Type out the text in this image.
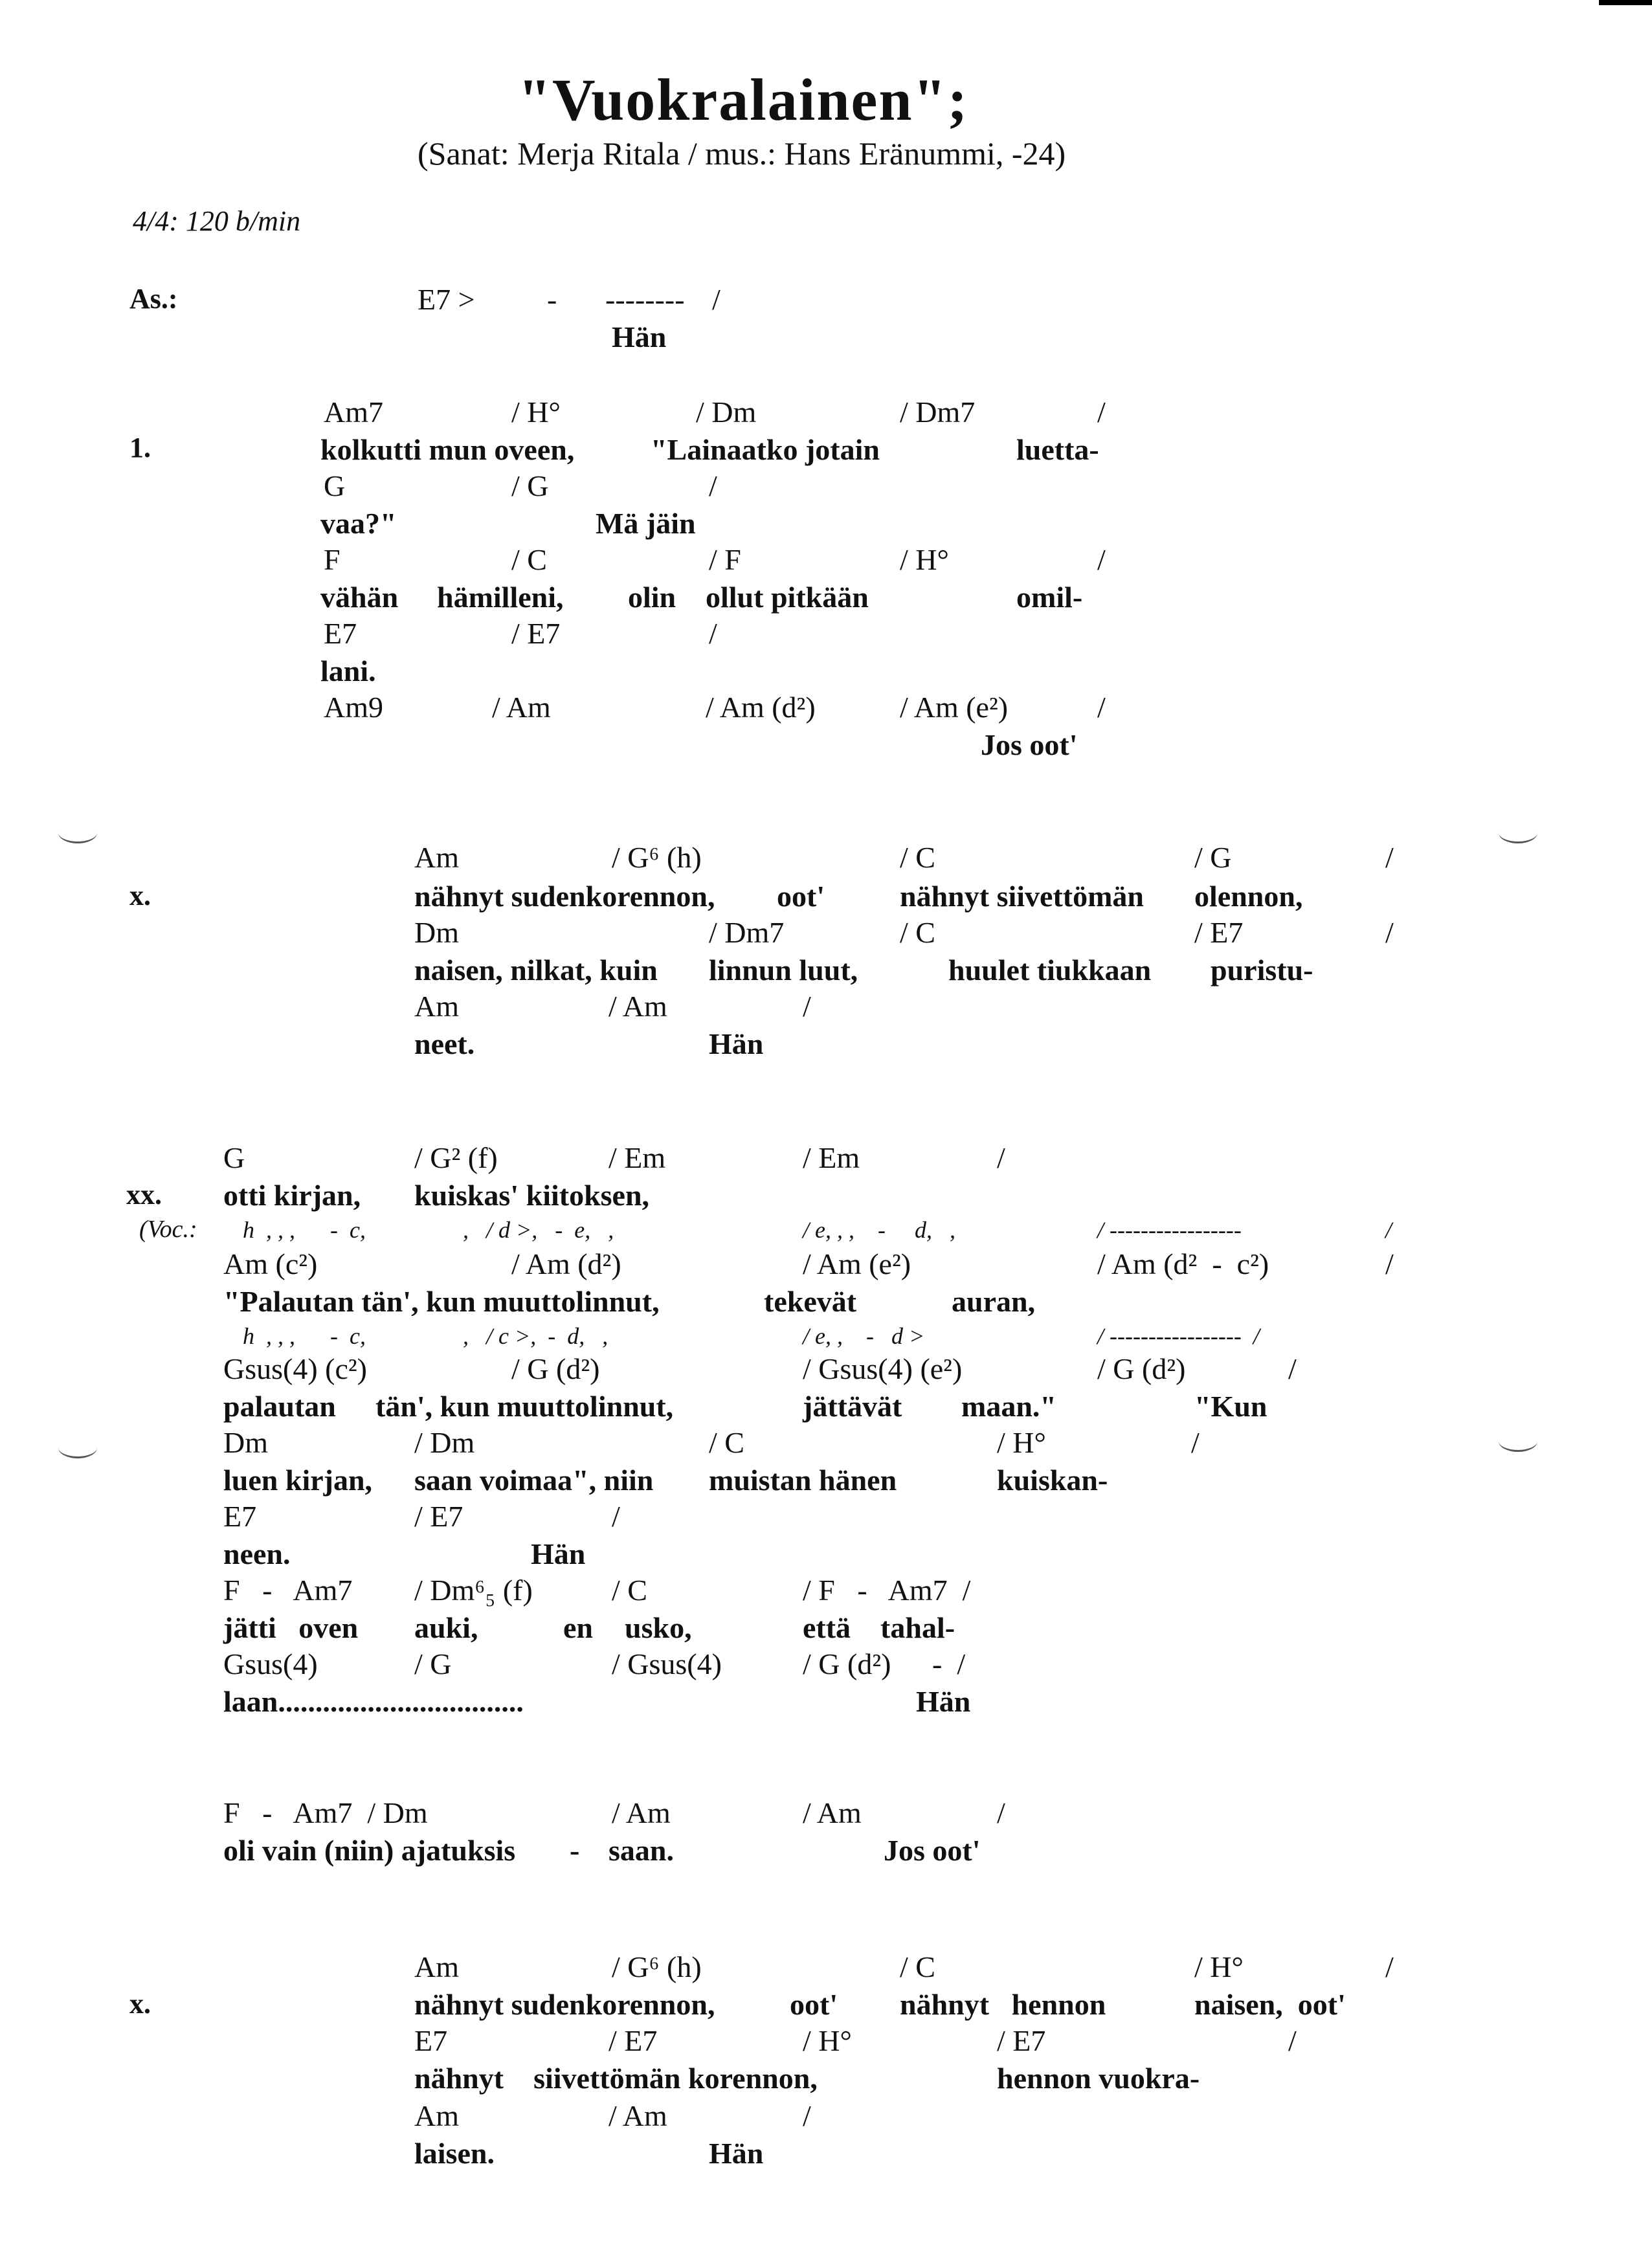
"Vuokralainen";
(Sanat: Merja Ritala / mus.: Hans Eränummi, -24)
4/4: 120 b/min
As.:	E7 > - -------- /
Hän
1.
Am7	/ H°	/ Dm	/ Dm7	/
kolkutti mun oveen,	"Lainaatko jotain	luetta-
G	/ G	/
vaa?"	Mä jäin
F	/ C	/ F	/ H°	/
vähän hämilleni, olin ollut pitkään	omil-
E7	/ E7	/
lani.
Am9	/ Am	/ Am (d²)	/ Am (e²)	/
Jos oot'
x.
Am	/ G⁶ (h)	/ C	/ G	/
nähnyt sudenkorennon, oot'	nähnyt siivettömän olennon,
Dm	/ Dm7	/ C	/ E7	/
naisen, nilkat, kuin linnun luut,	huulet tiukkaan puristu-
Am	/ Am	/
neet.	Hän
xx.
(Voc.:
G	/ G² (f)	/ Em	/ Em	/
otti kirjan, kuiskas' kiitoksen,
h  , , ,      -  c,	,   / d >,   -  e,   ,	/ e, , ,    -     d,   ,	/ -----------------	/
Am (c²)	/ Am (d²)	/ Am (e²)	/ Am (d²  -  c²)	/
"Palautan tän', kun muuttolinnut,	tekevät	auran,
h  , , ,      -  c,	,   / c >,  -  d,   ,	/ e, ,    -   d >	/ -----------------  /
Gsus(4) (c²)	/ G (d²)	/ Gsus(4) (e²)	/ G (d²)	/
palautan tän', kun muuttolinnut,	jättävät maan."	"Kun
Dm	/ Dm	/ C	/ H°	/
luen kirjan, saan voimaa", niin muistan hänen	kuiskan-
E7	/ E7	/
neen.	Hän
F   -   Am7 / Dm⁶₅ (f)	/ C	/ F   -   Am7  /
jätti   oven auki,	en usko,	että    tahal-
Gsus(4)	/ G	/ Gsus(4)	/ G (d²) -  /
laan.................................	Hän
F   -   Am7  / Dm	/ Am	/ Am	/
oli vain (niin) ajatuksis - saan.	Jos oot'
x.
Am	/ G⁶ (h)	/ C	/ H°	/
nähnyt sudenkorennon,	oot' nähnyt   hennon	naisen,  oot'
E7	/ E7	/ H°	/ E7	/
nähnyt    siivettömän korennon,	hennon vuokra-
Am	/ Am	/
laisen.	Hän
